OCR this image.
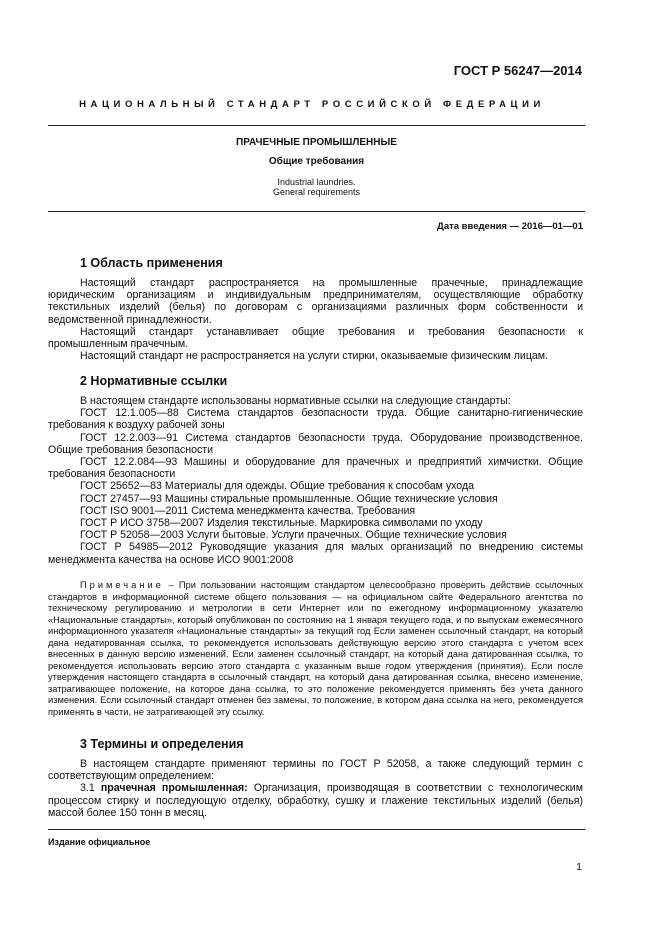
ГОСТ Р 56247—2014
НАЦИОНАЛЬНЫЙ СТАНДАРТ РОССИЙСКОЙ ФЕДЕРАЦИИ
ПРАЧЕЧНЫЕ ПРОМЫШЛЕННЫЕ
Общие требования
Industrial laundries.
General requirements
Дата введения — 2016—01—01
1 Область применения

Настоящий стандарт распространяется на промышленные прачечные, принадлежащие юридическим организациям и индивидуальным предпринимателям, осуществляющие обработку текстильных изделий (белья) по договорам с организациями различных форм собственности и ведомственной принадлежности.

Настоящий стандарт устанавливает общие требования и требования безопасности к промышленным прачечным.

Настоящий стандарт не распространяется на услуги стирки, оказываемые физическим лицам.

2 Нормативные ссылки

В настоящем стандарте использованы нормативные ссылки на следующие стандарты:

ГОСТ 12.1.005—88 Система стандартов безопасности труда. Общие санитарно-гигиенические требования к воздуху рабочей зоны

ГОСТ 12.2.003—91 Система стандартов безопасности труда. Оборудование производственное. Общие требования безопасности

ГОСТ 12.2.084—93 Машины и оборудование для прачечных и предприятий химчистки. Общие требования безопасности

ГОСТ 25652—83 Материалы для одежды. Общие требования к способам ухода

ГОСТ 27457—93 Машины стиральные промышленные. Общие технические условия

ГОСТ ISO 9001—2011 Система менеджмента качества. Требования

ГОСТ Р ИСО 3758—2007 Изделия текстильные. Маркировка символами по уходу

ГОСТ Р 52058—2003 Услуги бытовые. Услуги прачечных. Общие технические условия

ГОСТ Р 54985—2012 Руководящие указания для малых организаций по внедрению системы менеджмента качества на основе ИСО 9001:2008

Примечание – При пользовании настоящим стандартом целесообразно проверить действие ссылочных стандартов в информационной системе общего пользования — на официальном сайте Федерального агентства по техническому регулированию и метрологии в сети Интернет или по ежегодному информационному указателю «Национальные стандарты», который опубликован по состоянию на 1 января текущего года, и по выпускам ежемесячного информационного указателя «Национальные стандарты» за текущий год Если заменен ссылочный стандарт, на который дана недатированная ссылка, то рекомендуется использовать действующую версию этого стандарта с учетом всех внесенных в данную версию изменений. Если заменен ссылочный стандарт, на который дана датированная ссылка, то рекомендуется использовать версию этого стандарта с указанным выше годом утверждения (принятия). Если после утверждения настоящего стандарта в ссылочный стандарт, на который дана датированная ссылка, внесено изменение, затрагивающее положение, на которое дана ссылка, то это положение рекомендуется применять без учета данного изменения. Если ссылочный стандарт отменен без замены, то положение, в котором дана ссылка на него, рекомендуется применять в части, не затрагивающей эту ссылку.

3 Термины и определения

В настоящем стандарте применяют термины по ГОСТ Р 52058, а также следующий термин с соответствующим определением:

3.1 прачечная промышленная: Организация, производящая в соответствии с технологическим процессом стирку и последующую отделку, обработку, сушку и глажение текстильных изделий (белья) массой более 150 тонн в месяц.

Издание официальное
1
